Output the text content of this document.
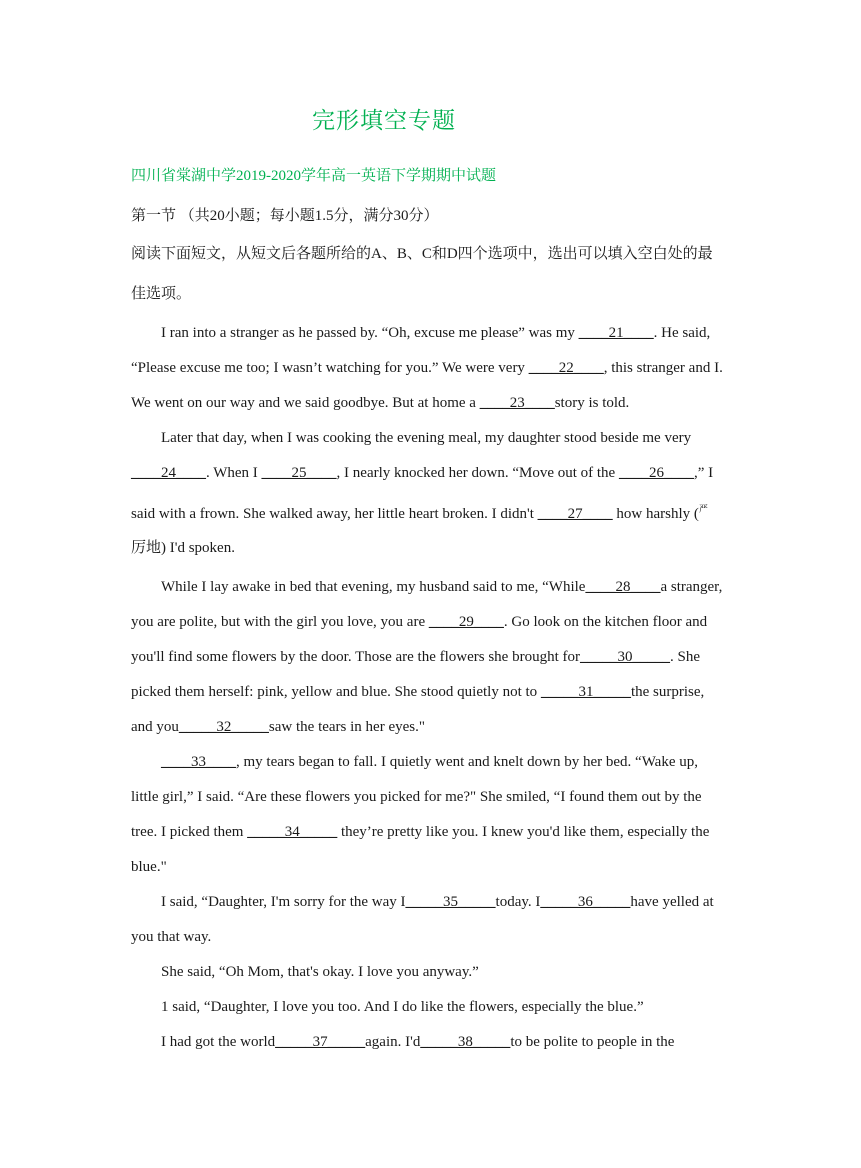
完形填空专题
四川省棠湖中学2019-2020学年高一英语下学期期中试题
第一节 （共20小题；每小题1.5分，满分30分）
阅读下面短文，从短文后各题所给的A、B、C和D四个选项中，选出可以填入空白处的最
佳选项。
I ran into a stranger as he passed by. “Oh, excuse me please” was my ____21____. He said,
“Please excuse me too; I wasn’t watching for you.” We were very ____22____, this stranger and I.
We went on our way and we said goodbye. But at home a ____23____story is told.
Later that day, when I was cooking the evening meal, my daughter stood beside me very
____24____. When I ____25____, I nearly knocked her down. “Move out of the ____26____,” I
said with a frown. She walked away, her little heart broken. I didn't ____27____ how harshly ($^严$
厉地) I'd spoken.
While I lay awake in bed that evening, my husband said to me, “While____28____a stranger,
you are polite, but with the girl you love, you are ____29____. Go look on the kitchen floor and
you'll find some flowers by the door. Those are the flowers she brought for_____30_____. She
picked them herself: pink, yellow and blue. She stood quietly not to _____31_____the surprise,
and you_____32_____saw the tears in her eyes."
____33____, my tears began to fall. I quietly went and knelt down by her bed. “Wake up,
little girl,” I said. “Are these flowers you picked for me?" She smiled, “I found them out by the
tree. I picked them _____34_____ they’re pretty like you. I knew you'd like them, especially the
blue."
I said, “Daughter, I'm sorry for the way I_____35_____today. I_____36_____have yelled at
you that way.
She said, “Oh Mom, that's okay. I love you anyway.”
1 said, “Daughter, I love you too. And I do like the flowers, especially the blue.”
I had got the world_____37_____again. I'd_____38_____to be polite to people in the
